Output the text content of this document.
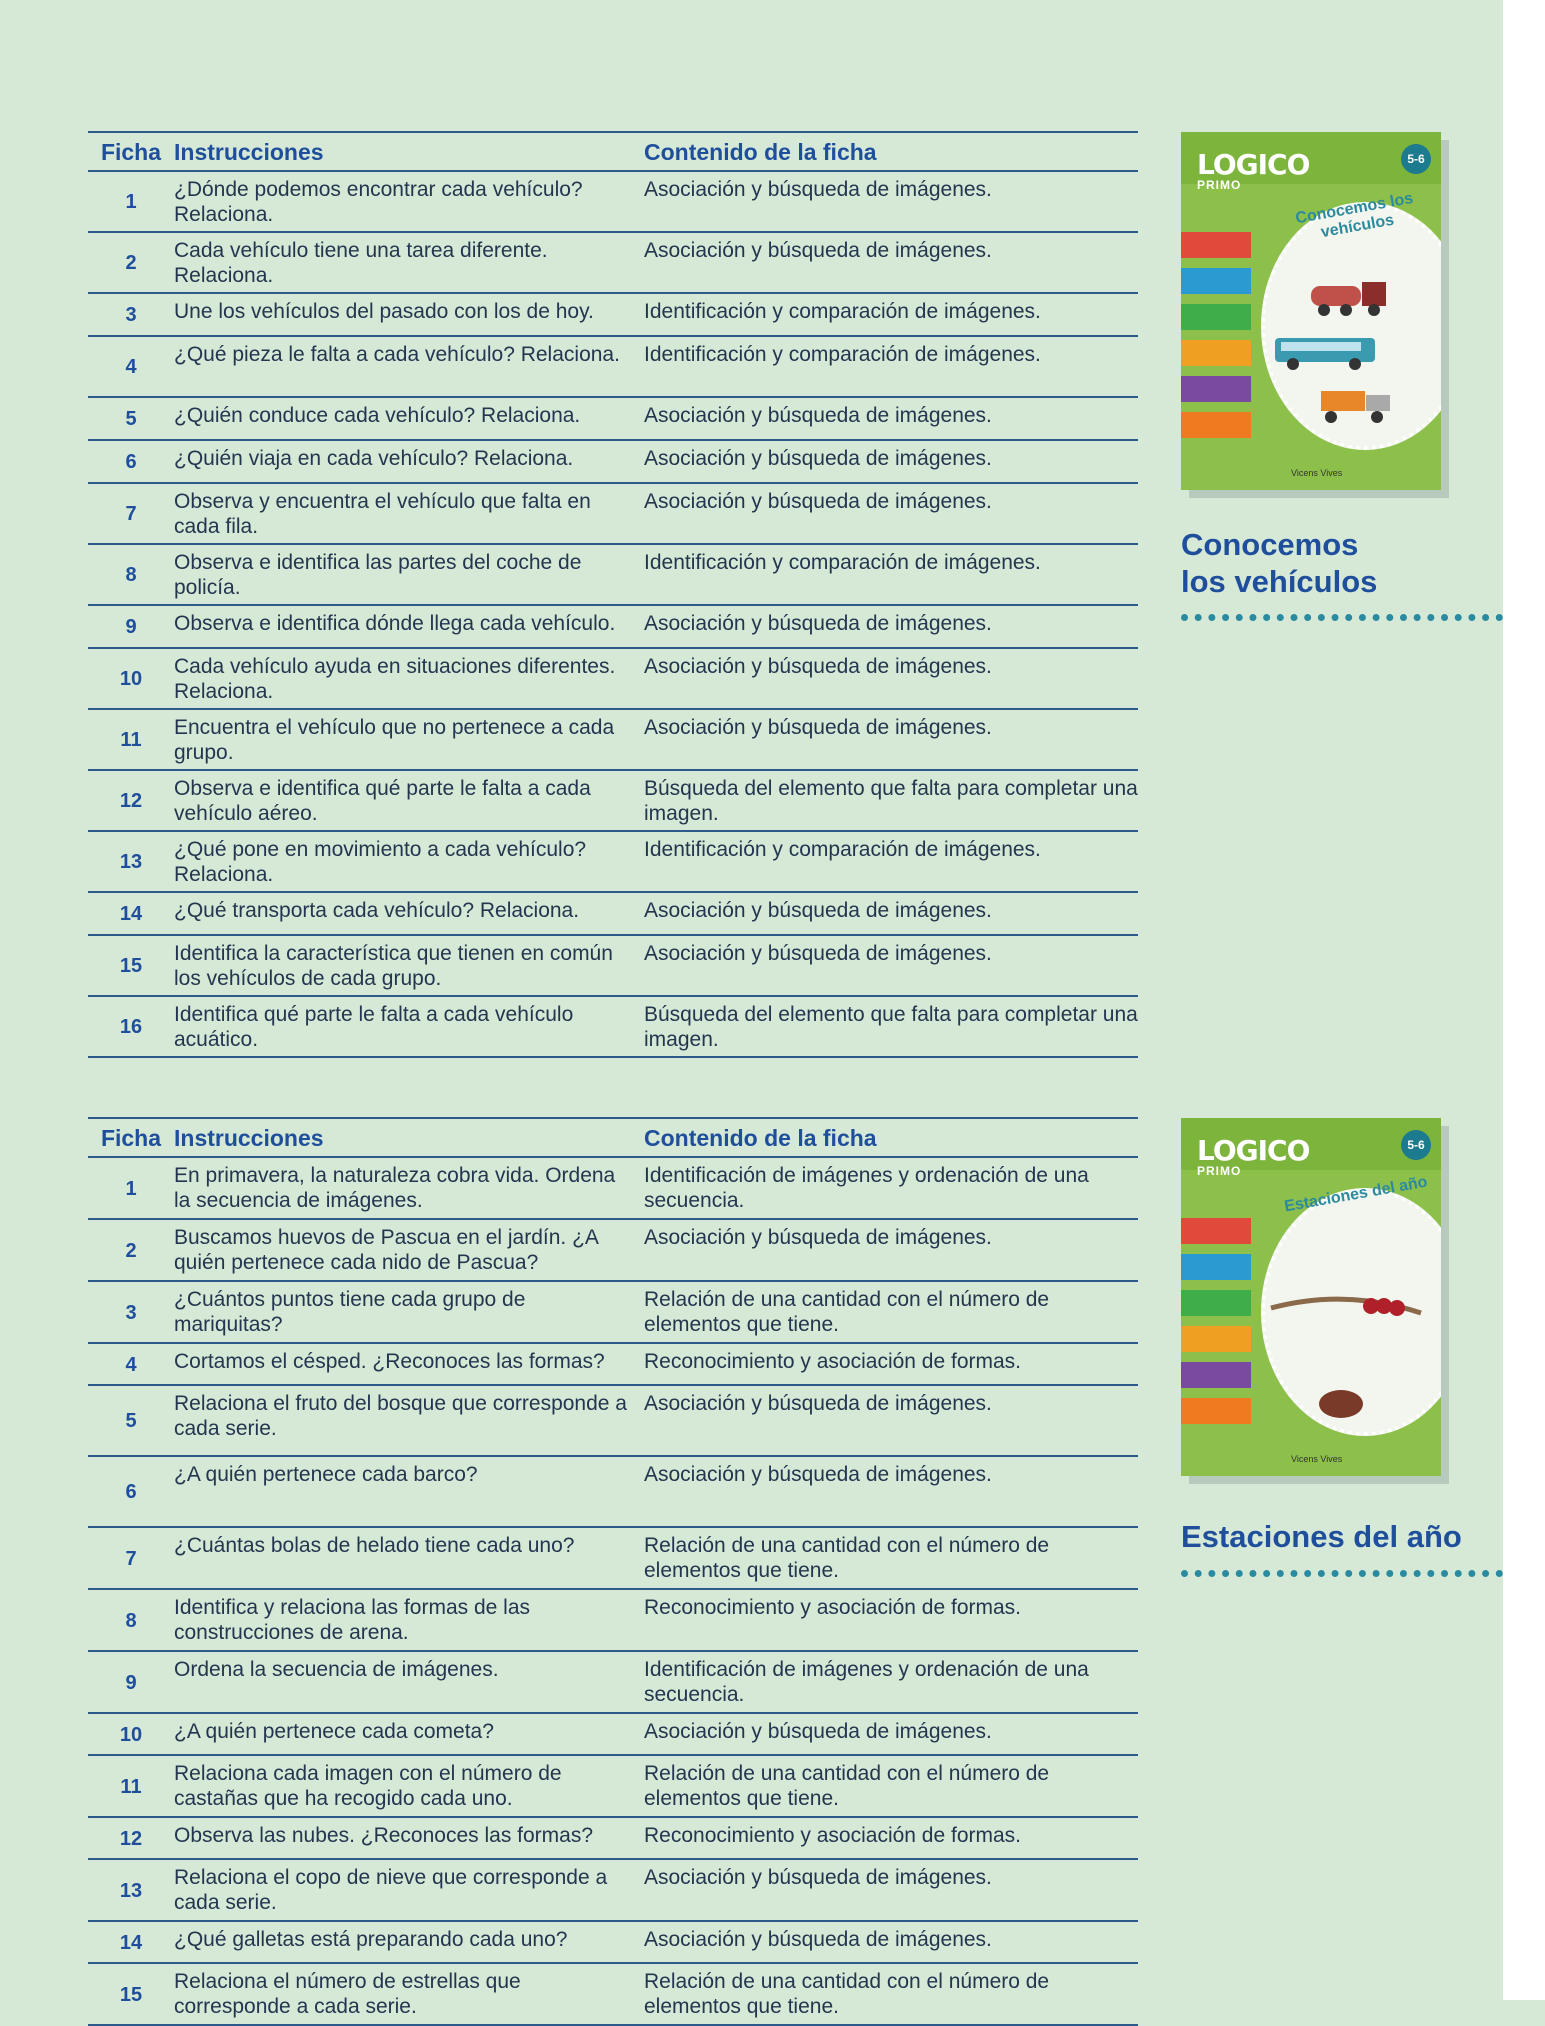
Ficha	Instrucciones	Contenido de la ficha
1	¿Dónde podemos encontrar cada vehículo? Relaciona.	Asociación y búsqueda de imágenes.
2	Cada vehículo tiene una tarea diferente. Relaciona.	Asociación y búsqueda de imágenes.
3	Une los vehículos del pasado con los de hoy.	Identificación y comparación de imágenes.
4	¿Qué pieza le falta a cada vehículo? Relaciona.	Identificación y comparación de imágenes.
5	¿Quién conduce cada vehículo? Relaciona.	Asociación y búsqueda de imágenes.
6	¿Quién viaja en cada vehículo? Relaciona.	Asociación y búsqueda de imágenes.
7	Observa y encuentra el vehículo que falta en cada fila.	Asociación y búsqueda de imágenes.
8	Observa e identifica las partes del coche de policía.	Identificación y comparación de imágenes.
9	Observa e identifica dónde llega cada vehículo.	Asociación y búsqueda de imágenes.
10	Cada vehículo ayuda en situaciones diferentes. Relaciona.	Asociación y búsqueda de imágenes.
11	Encuentra el vehículo que no pertenece a cada grupo.	Asociación y búsqueda de imágenes.
12	Observa e identifica qué parte le falta a cada vehículo aéreo.	Búsqueda del elemento que falta para completar una imagen.
13	¿Qué pone en movimiento a cada vehículo? Relaciona.	Identificación y comparación de imágenes.
14	¿Qué transporta cada vehículo? Relaciona.	Asociación y búsqueda de imágenes.
15	Identifica la característica que tienen en común los vehículos de cada grupo.	Asociación y búsqueda de imágenes.
16	Identifica qué parte le falta a cada vehículo acuático.	Búsqueda del elemento que falta para completar una imagen.
LOGICO
PRIMO
5-6
Conocemos los vehículos
Vicens Vives
Conocemos
los vehículos
Ficha	Instrucciones	Contenido de la ficha
1	En primavera, la naturaleza cobra vida. Ordena la secuencia de imágenes.	Identificación de imágenes y ordenación de una secuencia.
2	Buscamos huevos de Pascua en el jardín. ¿A quién pertenece cada nido de Pascua?	Asociación y búsqueda de imágenes.
3	¿Cuántos puntos tiene cada grupo de mariquitas?	Relación de una cantidad con el número de elementos que tiene.
4	Cortamos el césped. ¿Reconoces las formas?	Reconocimiento y asociación de formas.
5	Relaciona el fruto del bosque que corresponde a cada serie.	Asociación y búsqueda de imágenes.
6	¿A quién pertenece cada barco?	Asociación y búsqueda de imágenes.
7	¿Cuántas bolas de helado tiene cada uno?	Relación de una cantidad con el número de elementos que tiene.
8	Identifica y relaciona las formas de las construcciones de arena.	Reconocimiento y asociación de formas.
9	Ordena la secuencia de imágenes.	Identificación de imágenes y ordenación de una secuencia.
10	¿A quién pertenece cada cometa?	Asociación y búsqueda de imágenes.
11	Relaciona cada imagen con el número de castañas que ha recogido cada uno.	Relación de una cantidad con el número de elementos que tiene.
12	Observa las nubes. ¿Reconoces las formas?	Reconocimiento y asociación de formas.
13	Relaciona el copo de nieve que corresponde a cada serie.	Asociación y búsqueda de imágenes.
14	¿Qué galletas está preparando cada uno?	Asociación y búsqueda de imágenes.
15	Relaciona el número de estrellas que corresponde a cada serie.	Relación de una cantidad con el número de elementos que tiene.
LOGICO
PRIMO
5-6
Estaciones del año
Vicens Vives
Estaciones del año
